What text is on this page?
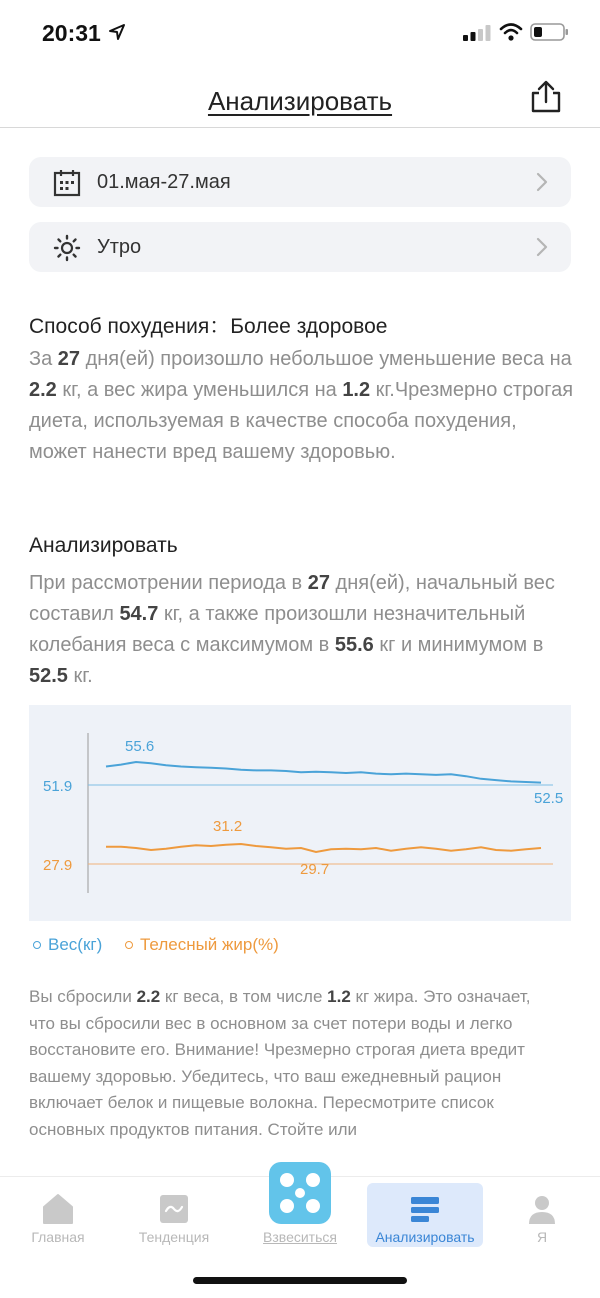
20:31
Анализировать
01.мая-27.мая
Утро
Способ похудения：Более здоровое
За 27 дня(ей) произошло небольшое уменьшение веса на 2.2 кг, а вес жира уменьшился на 1.2 кг.Чрезмерно строгая диета, используемая в качестве способа похудения, может нанести вред вашему здоровью.
Анализировать
При рассмотрении периода в 27 дня(ей), начальный вес составил 54.7 кг, а также произошли незначительный колебания веса с максимумом в 55.6 кг и минимумом в 52.5 кг.
51.9
27.9
55.6
52.5
31.2
29.7
Вес(кг)
Телесный жир(%)
Вы сбросили 2.2 кг веса, в том числе 1.2 кг жира. Это означает, что вы сбросили вес в основном за счет потери воды и легко восстановите его. Внимание! Чрезмерно строгая диета вредит вашему здоровью. Убедитесь, что ваш ежедневный рацион включает белок и пищевые волокна. Пересмотрите список основных продуктов питания. Стойте или
Главная	Тенденция	Взвеситься	Анализировать	Я
